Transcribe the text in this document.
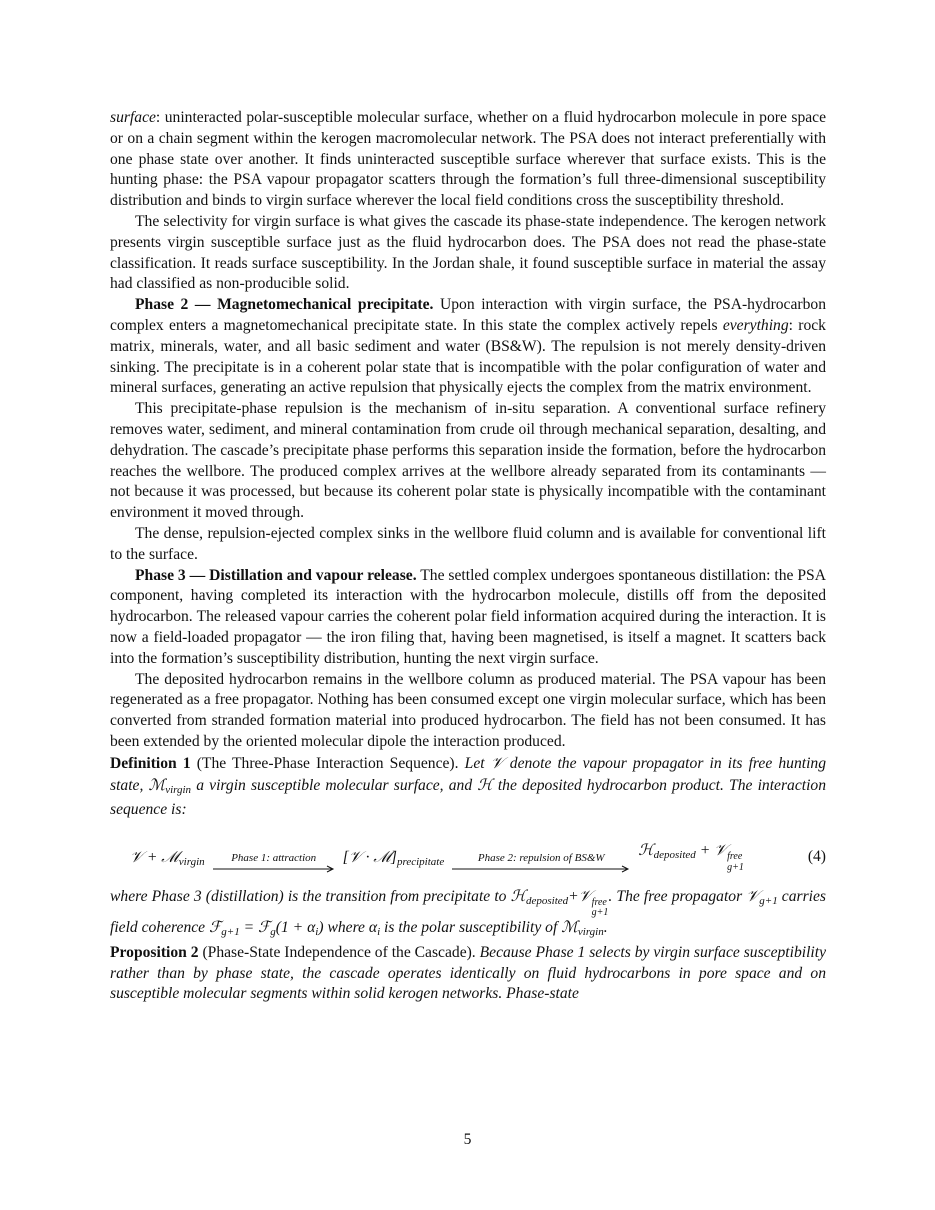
surface: uninteracted polar-susceptible molecular surface, whether on a fluid hydrocarbon molecule in pore space or on a chain segment within the kerogen macromolecular network. The PSA does not interact preferentially with one phase state over another. It finds uninteracted susceptible surface wherever that surface exists. This is the hunting phase: the PSA vapour propagator scatters through the formation’s full three-dimensional susceptibility distribution and binds to virgin surface wherever the local field conditions cross the susceptibility threshold.

The selectivity for virgin surface is what gives the cascade its phase-state independence. The kerogen network presents virgin susceptible surface just as the fluid hydrocarbon does. The PSA does not read the phase-state classification. It reads surface susceptibility. In the Jordan shale, it found susceptible surface in material the assay had classified as non-producible solid.

Phase 2 — Magnetomechanical precipitate. Upon interaction with virgin surface, the PSA-hydrocarbon complex enters a magnetomechanical precipitate state. In this state the complex actively repels everything: rock matrix, minerals, water, and all basic sediment and water (BS&W). The repulsion is not merely density-driven sinking. The precipitate is in a coherent polar state that is incompatible with the polar configuration of water and mineral surfaces, generating an active repulsion that physically ejects the complex from the matrix environment.

This precipitate-phase repulsion is the mechanism of in-situ separation. A conventional surface refinery removes water, sediment, and mineral contamination from crude oil through mechanical separation, desalting, and dehydration. The cascade’s precipitate phase performs this separation inside the formation, before the hydrocarbon reaches the wellbore. The produced complex arrives at the wellbore already separated from its contaminants — not because it was processed, but because its coherent polar state is physically incompatible with the contaminant environment it moved through.

The dense, repulsion-ejected complex sinks in the wellbore fluid column and is available for conventional lift to the surface.

Phase 3 — Distillation and vapour release. The settled complex undergoes spontaneous distillation: the PSA component, having completed its interaction with the hydrocarbon molecule, distills off from the deposited hydrocarbon. The released vapour carries the coherent polar field information acquired during the interaction. It is now a field-loaded propagator — the iron filing that, having been magnetised, is itself a magnet. It scatters back into the formation’s susceptibility distribution, hunting the next virgin surface.

The deposited hydrocarbon remains in the wellbore column as produced material. The PSA vapour has been regenerated as a free propagator. Nothing has been consumed except one virgin molecular surface, which has been converted from stranded formation material into produced hydrocarbon. The field has not been consumed. It has been extended by the oriented molecular dipole the interaction produced.

Definition 1 (The Three-Phase Interaction Sequence). Let 𝒱 denote the vapour propagator in its free hunting state, ℳ$_{virgin}$ a virgin susceptible molecular surface, and ℋ the deposited hydrocarbon product. The interaction sequence is:

𝒱 + ℳ$_{virgin}$ Phase 1: attraction [𝒱 · $ℳ]_{precipitate}$	Phase 2: repulsion of BS&W ℋ$_{deposited}$ + 𝒱 free
g+1
(4)

where Phase 3 (distillation) is the transition from precipitate to ℋ$_{deposited}$+𝒱 free
g+1
. The free propagator 𝒱$_{g+1}$ carries field coherence ℱ$_{g+1}$ = ℱ$_g$(1 + $\alpha_i$) where $\alpha_i$ is the polar susceptibility of ℳ$_{virgin}$.

Proposition 2 (Phase-State Independence of the Cascade). Because Phase 1 selects by virgin surface susceptibility rather than by phase state, the cascade operates identically on fluid hydrocarbons in pore space and on susceptible molecular segments within solid kerogen networks. Phase-state

5
